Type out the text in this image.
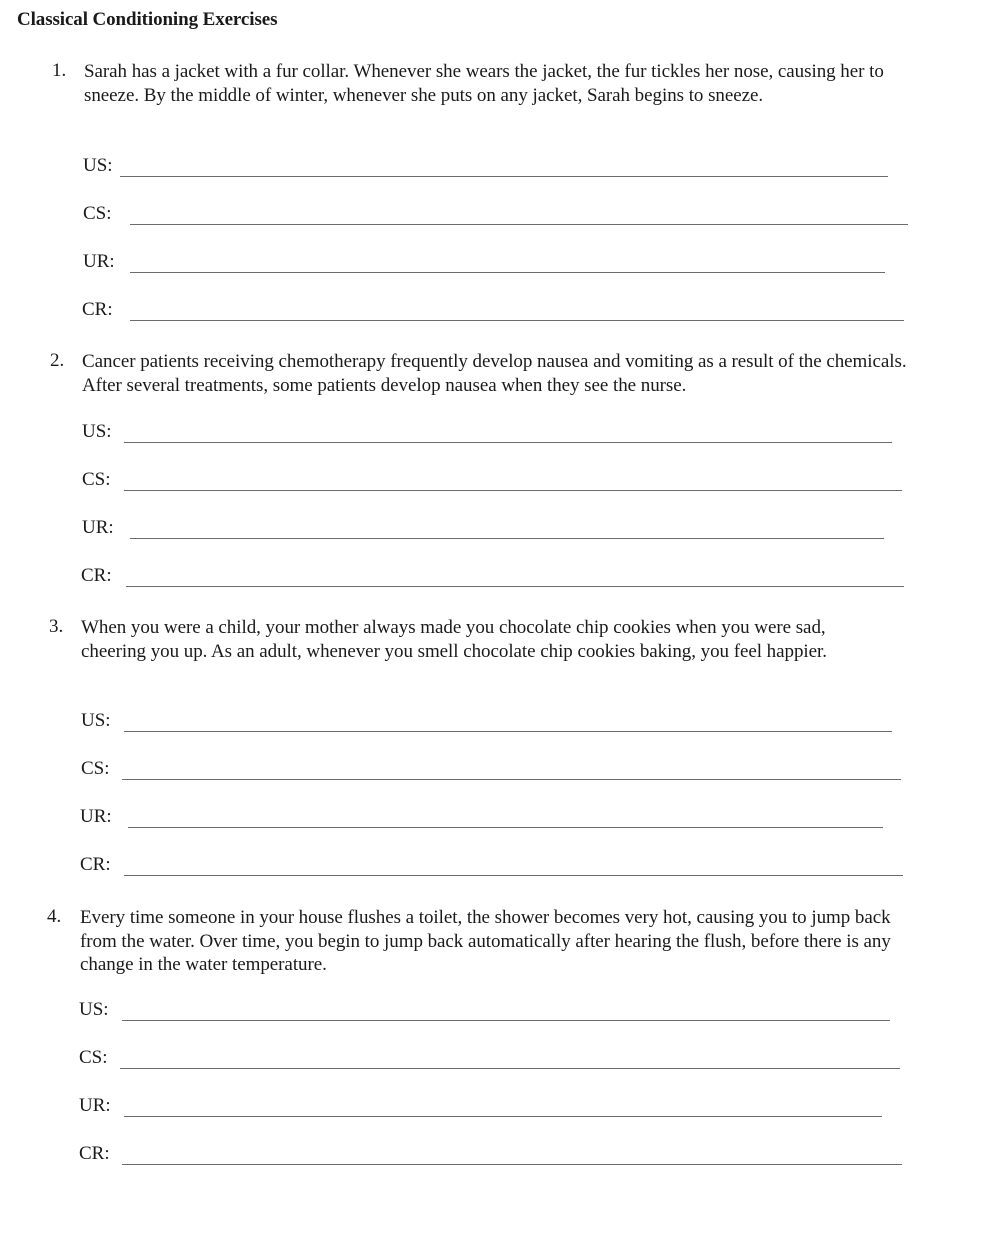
Classical Conditioning Exercises
1. Sarah has a jacket with a fur collar. Whenever she wears the jacket, the fur tickles her nose, causing her to sneeze. By the middle of winter, whenever she puts on any jacket, Sarah begins to sneeze.
US:
CS:
UR:
CR:
2. Cancer patients receiving chemotherapy frequently develop nausea and vomiting as a result of the chemicals. After several treatments, some patients develop nausea when they see the nurse.
US:
CS:
UR:
CR:
3. When you were a child, your mother always made you chocolate chip cookies when you were sad, cheering you up. As an adult, whenever you smell chocolate chip cookies baking, you feel happier.
US:
CS:
UR:
CR:
4. Every time someone in your house flushes a toilet, the shower becomes very hot, causing you to jump back from the water. Over time, you begin to jump back automatically after hearing the flush, before there is any change in the water temperature.
US:
CS:
UR:
CR:
